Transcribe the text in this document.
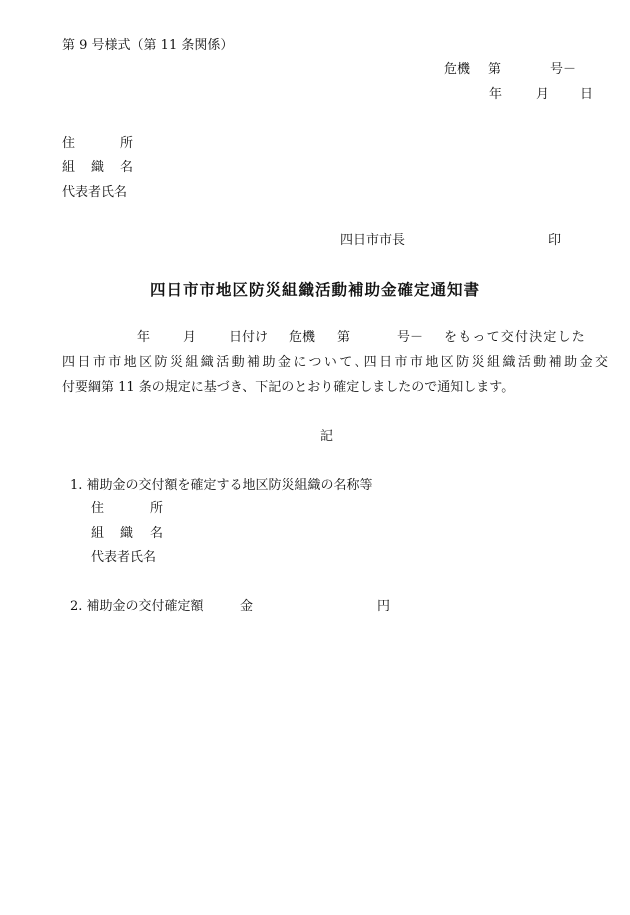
第 9 号様式（第 11 条関係）
危機 第	号－
年	月 日
住	所
組 織 名
代表者氏名
四日市市長	印
四日市市地区防災組織活動補助金確定通知書
年	月	日付け 危機 第	号－ をもって交付決定した
四日市市地区防災組織活動補助金について､四日市市地区防災組織活動補助金交
付要綱第 11 条の規定に基づき、下記のとおり確定しましたので通知します。
記
1. 補助金の交付額を確定する地区防災組織の名称等
住	所
組 織 名
代表者氏名
2. 補助金の交付確定額	金	円
